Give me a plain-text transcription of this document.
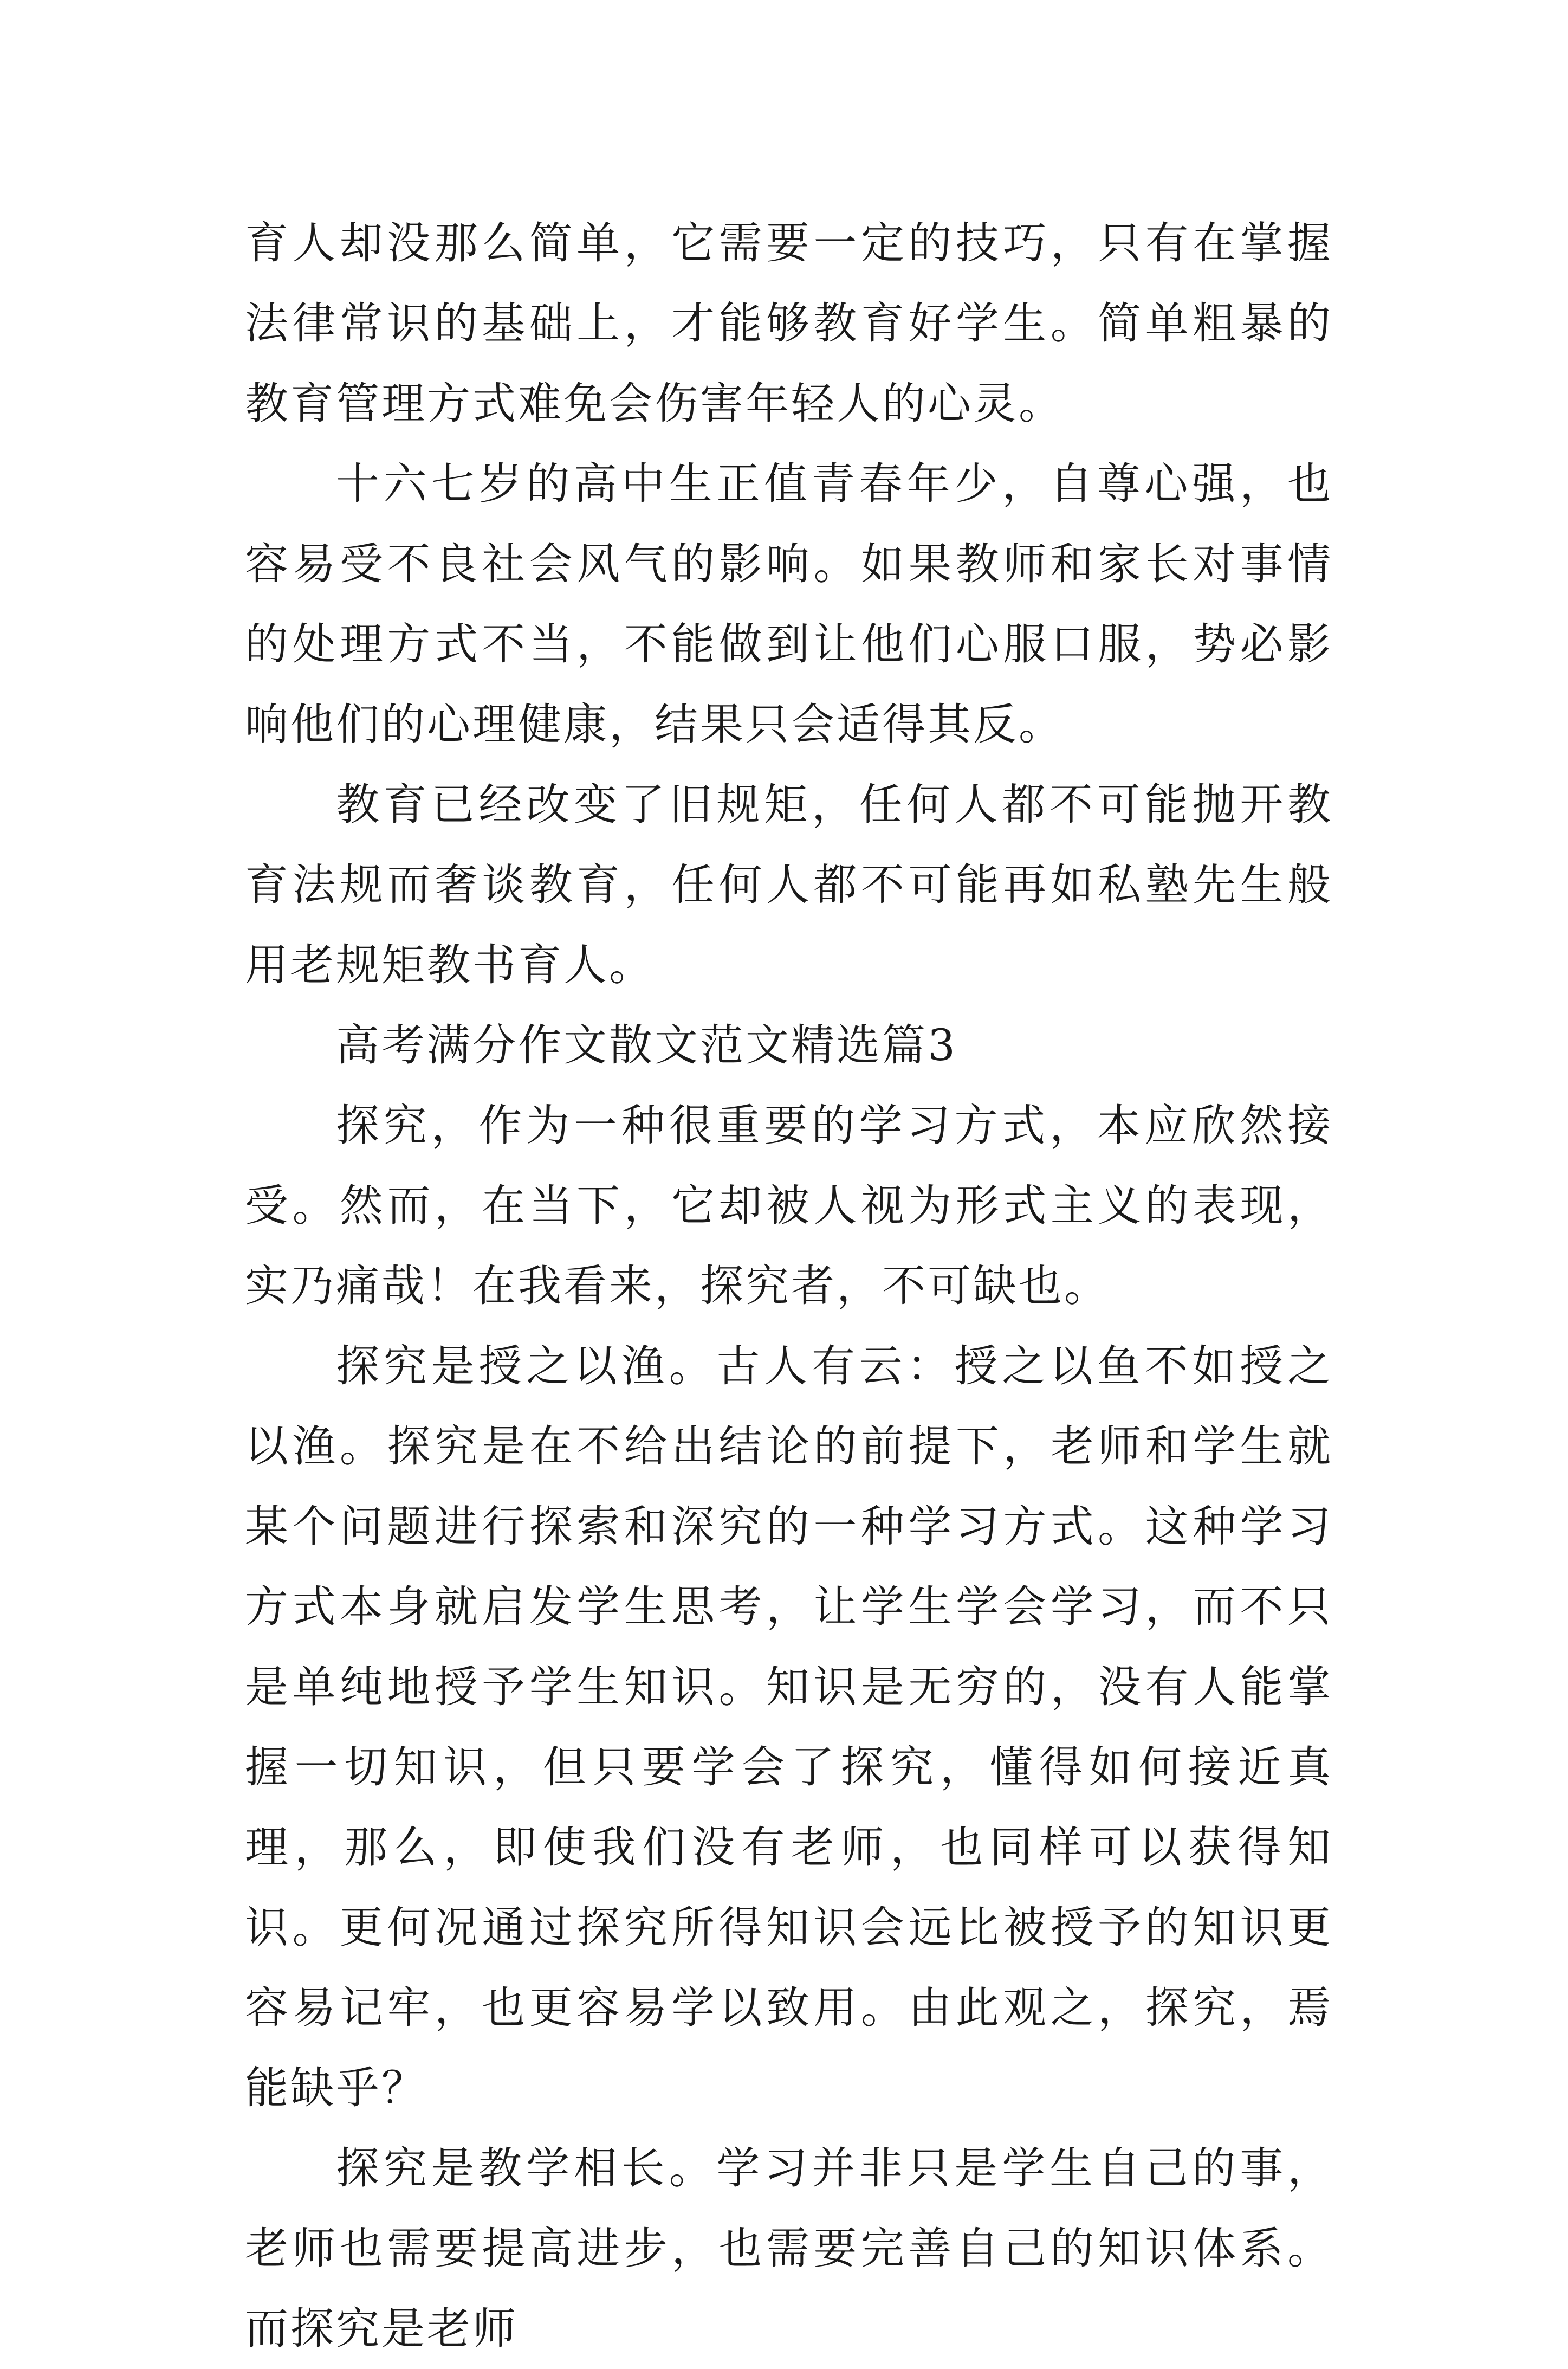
育人却没那么简单，它需要一定的技巧，只有在掌握法律常识的基础上，才能够教育好学生。简单粗暴的教育管理方式难免会伤害年轻人的心灵。

十六七岁的高中生正值青春年少，自尊心强，也容易受不良社会风气的影响。如果教师和家长对事情的处理方式不当，不能做到让他们心服口服，势必影响他们的心理健康，结果只会适得其反。

教育已经改变了旧规矩，任何人都不可能抛开教育法规而奢谈教育，任何人都不可能再如私塾先生般用老规矩教书育人。

高考满分作文散文范文精选篇3

探究，作为一种很重要的学习方式，本应欣然接受。然而，在当下，它却被人视为形式主义的表现，实乃痛哉！在我看来，探究者，不可缺也。

探究是授之以渔。古人有云：授之以鱼不如授之以渔。探究是在不给出结论的前提下，老师和学生就某个问题进行探索和深究的一种学习方式。这种学习方式本身就启发学生思考，让学生学会学习，而不只是单纯地授予学生知识。知识是无穷的，没有人能掌握一切知识，但只要学会了探究，懂得如何接近真理，那么，即使我们没有老师，也同样可以获得知识。更何况通过探究所得知识会远比被授予的知识更容易记牢，也更容易学以致用。由此观之，探究，焉能缺乎？

探究是教学相长。学习并非只是学生自己的事，老师也需要提高进步，也需要完善自己的知识体系。而探究是老师
